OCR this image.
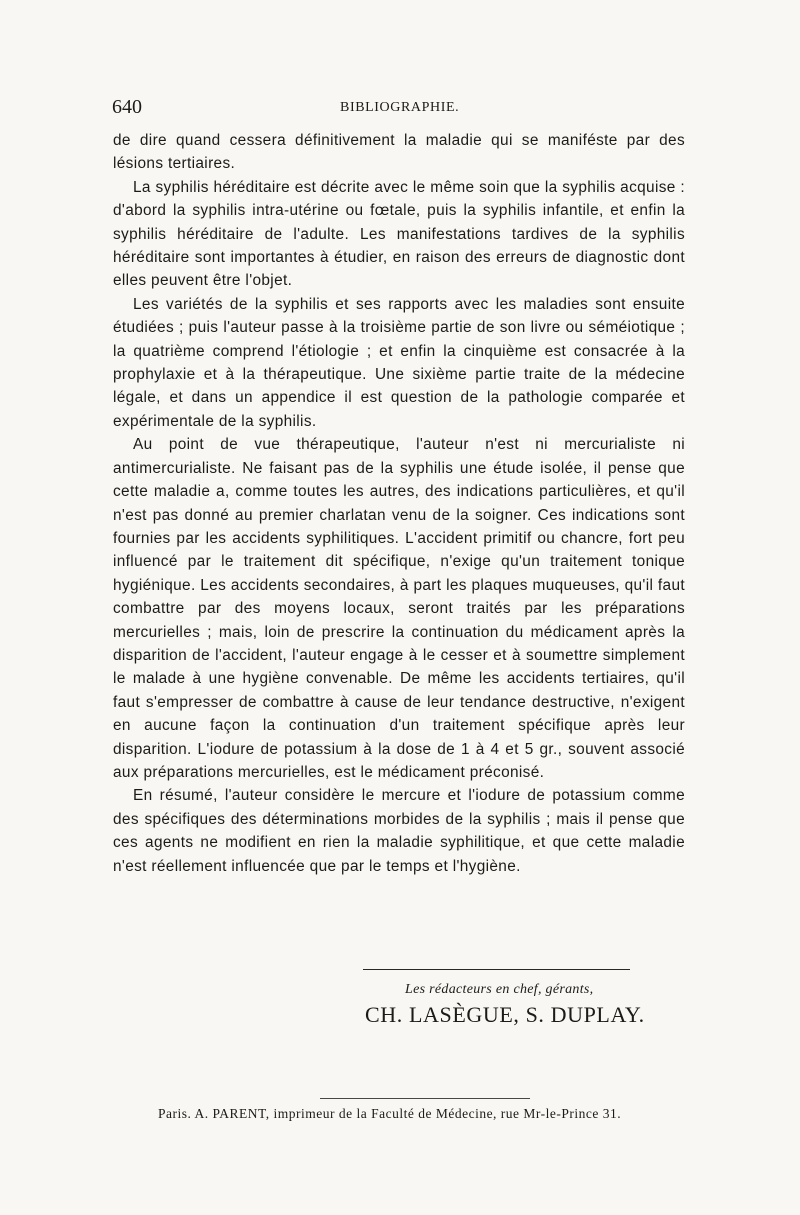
640	BIBLIOGRAPHIE.

de dire quand cessera définitivement la maladie qui se maniféste par des lésions tertiaires.

La syphilis héréditaire est décrite avec le même soin que la syphilis acquise : d'abord la syphilis intra-utérine ou fœtale, puis la syphilis infantile, et enfin la syphilis héréditaire de l'adulte. Les manifestations tardives de la syphilis héréditaire sont importantes à étudier, en raison des erreurs de diagnostic dont elles peuvent être l'objet.

Les variétés de la syphilis et ses rapports avec les maladies sont ensuite étudiées ; puis l'auteur passe à la troisième partie de son livre ou séméiotique ; la quatrième comprend l'étiologie ; et enfin la cinquième est consacrée à la prophylaxie et à la thérapeutique. Une sixième partie traite de la médecine légale, et dans un appendice il est question de la pathologie comparée et expérimentale de la syphilis.

Au point de vue thérapeutique, l'auteur n'est ni mercurialiste ni antimercurialiste. Ne faisant pas de la syphilis une étude isolée, il pense que cette maladie a, comme toutes les autres, des indications particulières, et qu'il n'est pas donné au premier charlatan venu de la soigner. Ces indications sont fournies par les accidents syphilitiques. L'accident primitif ou chancre, fort peu influencé par le traitement dit spécifique, n'exige qu'un traitement tonique hygiénique. Les accidents secondaires, à part les plaques muqueuses, qu'il faut combattre par des moyens locaux, seront traités par les préparations mercurielles ; mais, loin de prescrire la continuation du médicament après la disparition de l'accident, l'auteur engage à le cesser et à soumettre simplement le malade à une hygiène convenable. De même les accidents tertiaires, qu'il faut s'empresser de combattre à cause de leur tendance destructive, n'exigent en aucune façon la continuation d'un traitement spécifique après leur disparition. L'iodure de potassium à la dose de 1 à 4 et 5 gr., souvent associé aux préparations mercurielles, est le médicament préconisé.

En résumé, l'auteur considère le mercure et l'iodure de potassium comme des spécifiques des déterminations morbides de la syphilis ; mais il pense que ces agents ne modifient en rien la maladie syphilitique, et que cette maladie n'est réellement influencée que par le temps et l'hygiène.

Les rédacteurs en chef, gérants,
CH. LASÈGUE, S. DUPLAY.
Paris. A. PARENT, imprimeur de la Faculté de Médecine, rue Mr-le-Prince 31.
